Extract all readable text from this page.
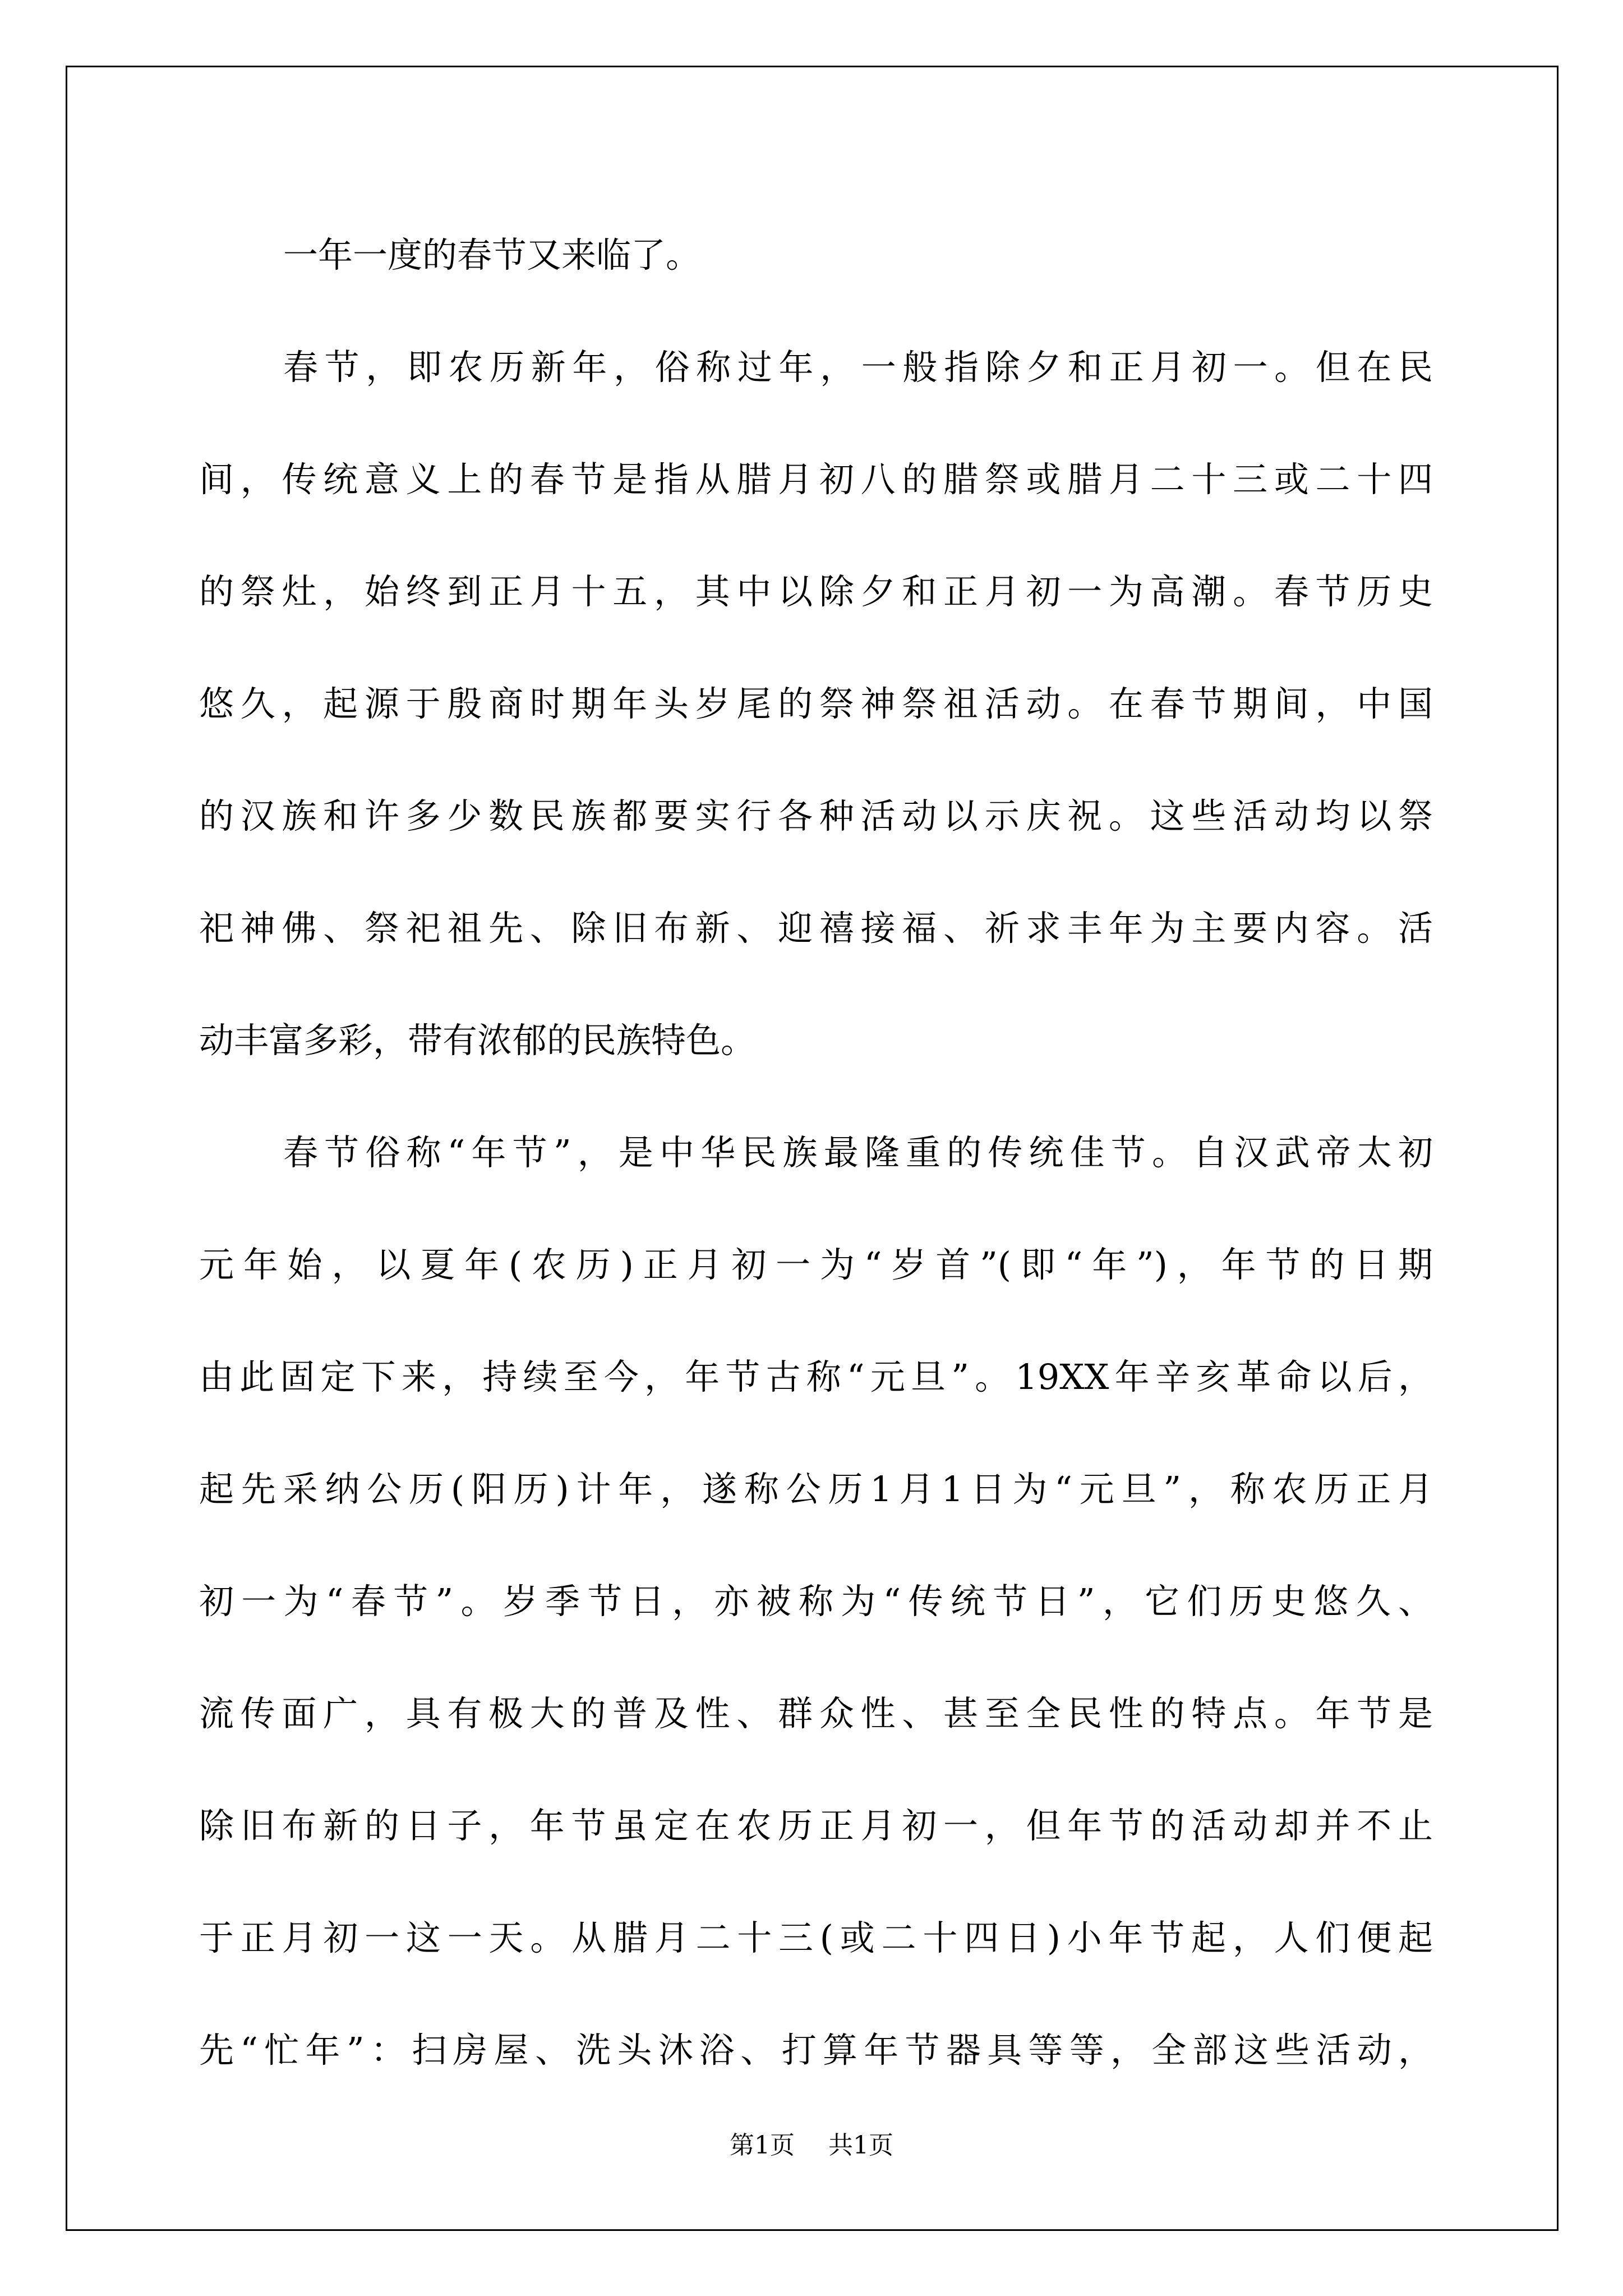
一年一度的春节又来临了。
春节，即农历新年，俗称过年，一般指除夕和正月初一。但在民
间，传统意义上的春节是指从腊月初八的腊祭或腊月二十三或二十四
的祭灶，始终到正月十五，其中以除夕和正月初一为高潮。春节历史
悠久，起源于殷商时期年头岁尾的祭神祭祖活动。在春节期间，中国
的汉族和许多少数民族都要实行各种活动以示庆祝。这些活动均以祭
祀神佛、祭祀祖先、除旧布新、迎禧接福、祈求丰年为主要内容。活
动丰富多彩，带有浓郁的民族特色。
春节俗称“年节”，是中华民族最隆重的传统佳节。自汉武帝太初
元年始，以夏年(农历)正月初一为“岁首”(即“年”)，年节的日期
由此固定下来，持续至今，年节古称“元旦”。19XX年辛亥革命以后，
起先采纳公历(阳历)计年，遂称公历1月1日为“元旦”，称农历正月
初一为“春节”。岁季节日，亦被称为“传统节日”，它们历史悠久、
流传面广，具有极大的普及性、群众性、甚至全民性的特点。年节是
除旧布新的日子，年节虽定在农历正月初一，但年节的活动却并不止
于正月初一这一天。从腊月二十三(或二十四日)小年节起，人们便起
先“忙年”：扫房屋、洗头沐浴、打算年节器具等等，全部这些活动，
第1页 共1页
